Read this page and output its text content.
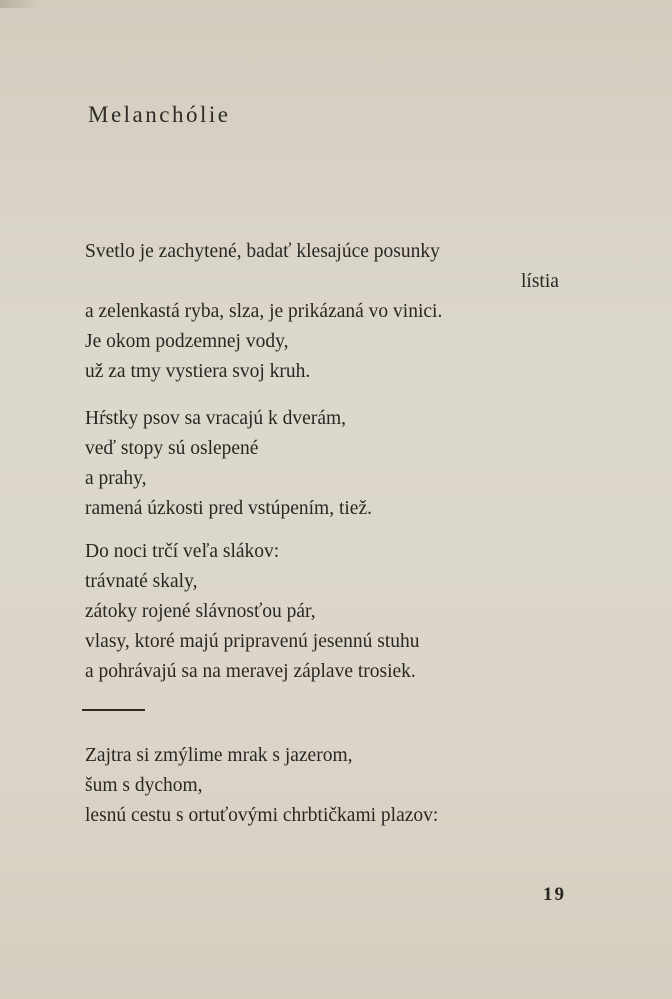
Melanchólie
Svetlo je zachytené, badať klesajúce posunky
lístia
a zelenkastá ryba, slza, je prikázaná vo vinici.
Je okom podzemnej vody,
už za tmy vystiera svoj kruh.
Hŕstky psov sa vracajú k dverám,
veď stopy sú oslepené
a prahy,
ramená úzkosti pred vstúpením, tiež.
Do noci trčí veľa slákov:
trávnaté skaly,
zátoky rojené slávnosťou pár,
vlasy, ktoré majú pripravenú jesennú stuhu
a pohrávajú sa na meravej záplave trosiek.
Zajtra si zmýlime mrak s jazerom,
šum s dychom,
lesnú cestu s ortuťovými chrbtičkami plazov:
19
